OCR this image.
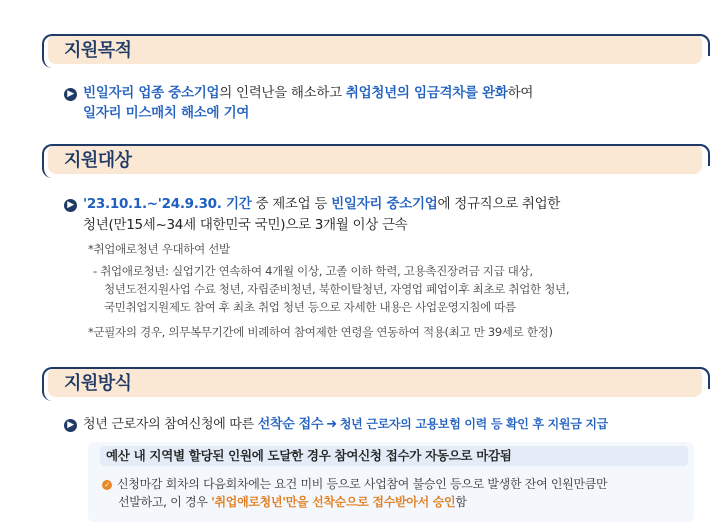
지원목적
▶ 빈일자리 업종 중소기업의 인력난을 해소하고 취업청년의 임금격차를 완화하여
일자리 미스매치 해소에 기여
지원대상
▶ '23.10.1.~'24.9.30. 기간 중 제조업 등 빈일자리 중소기업에 정규직으로 취업한
청년(만15세~34세 대한민국 국민)으로 3개월 이상 근속
*취업애로청년 우대하여 선발
- 취업애로청년: 실업기간 연속하여 4개월 이상, 고졸 이하 학력, 고용촉진장려금 지급 대상,
청년도전지원사업 수료 청년, 자립준비청년, 북한이탈청년, 자영업 폐업이후 최초로 취업한 청년,
국민취업지원제도 참여 후 최초 취업 청년 등으로 자세한 내용은 사업운영지침에 따름
*군필자의 경우, 의무복무기간에 비례하여 참여제한 연령을 연동하여 적용(최고 만 39세로 한정)
지원방식
▶ 청년 근로자의 참여신청에 따른 선착순 접수 ➜ 청년 근로자의 고용보험 이력 등 확인 후 지원금 지급
예산 내 지역별 할당된 인원에 도달한 경우 참여신청 접수가 자동으로 마감됨
✓ 신청마감 회차의 다음회차에는 요건 미비 등으로 사업참여 불승인 등으로 발생한 잔여 인원만큼만
선발하고, 이 경우 '취업애로청년'만을 선착순으로 접수받아서 승인함
